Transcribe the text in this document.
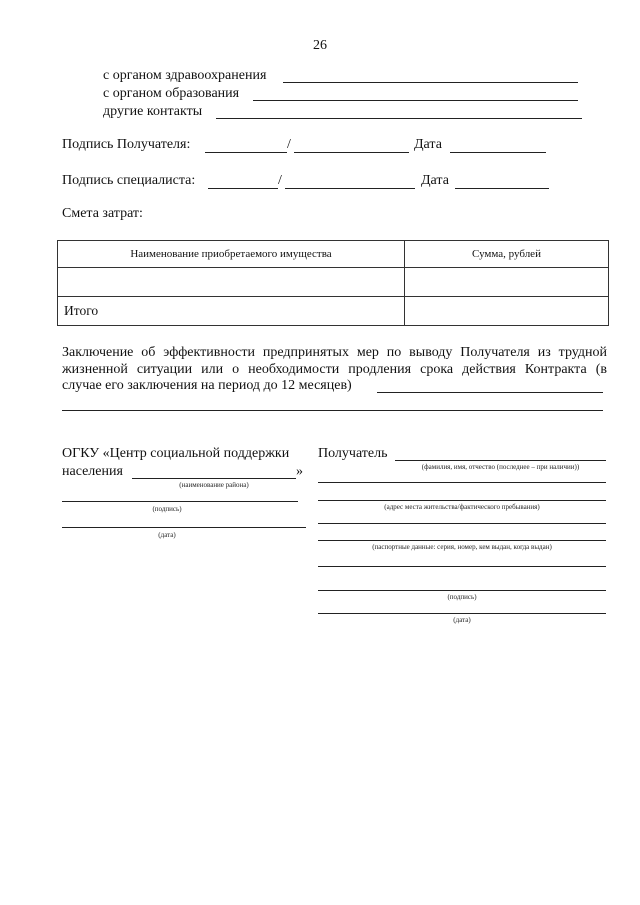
26
с органом здравоохранения
с органом образования
другие контакты
Подпись Получателя:	/	Дата
Подпись специалиста:	/	Дата
Смета затрат:
Наименование приобретаемого имущества	Сумма, рублей

Итого	
Заключение об эффективности предпринятых мер по выводу Получателя из трудной
жизненной ситуации или о необходимости продления срока действия Контракта (в
случае его заключения на период до 12 месяцев)
ОГКУ «Центр социальной поддержки
населения	»
(наименование района)
(подпись)
(дата)
Получатель
(фамилия, имя, отчество (последнее – при наличии))
(адрес места жительства/фактического пребывания)
(паспортные данные: серия, номер, кем выдан, когда выдан)
(подпись)
(дата)
